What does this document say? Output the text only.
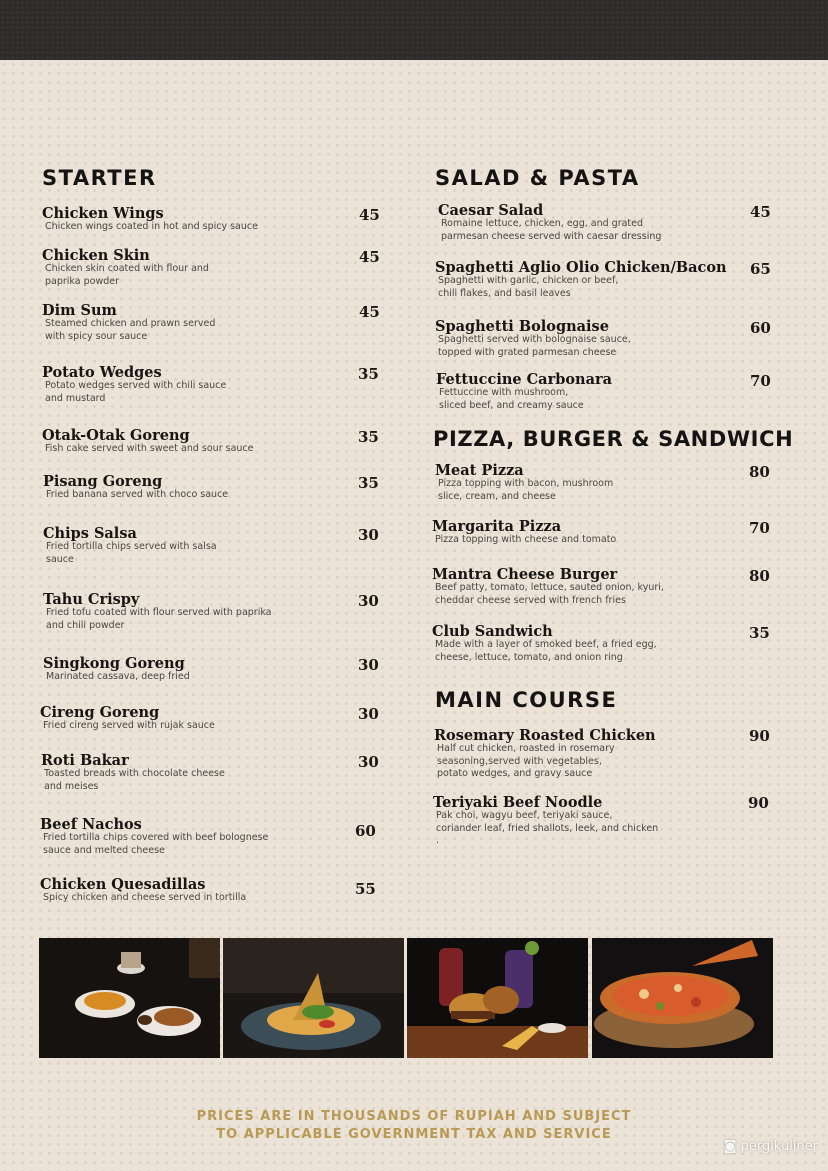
STARTER
Chicken Wings
Chicken wings coated in hot and spicy sauce
45
Chicken Skin
Chicken skin coated with flour and
paprika powder
45
Dim Sum
Steamed chicken and prawn served
with spicy sour sauce
45
Potato Wedges
Potato wedges served with chili sauce
and mustard
35
Otak-Otak Goreng
Fish cake served with sweet and sour sauce
35
Pisang Goreng
Fried banana served with choco sauce
35
Chips Salsa
Fried tortilla chips served with salsa
sauce
30
Tahu Crispy
Fried tofu coated with flour served with paprika
and chili powder
30
Singkong Goreng
Marinated cassava, deep fried
30
Cireng Goreng
Fried cireng served with rujak sauce
30
Roti Bakar
Toasted breads with chocolate cheese
and meises
30
Beef Nachos
Fried tortilla chips covered with beef bolognese
sauce and melted cheese
60
Chicken Quesadillas
Spicy chicken and cheese served in tortilla	55
SALAD & PASTA
Caesar Salad
Romaine lettuce, chicken, egg, and grated
parmesan cheese served with caesar dressing
45
Spaghetti Aglio Olio Chicken/Bacon
Spaghetti with garlic, chicken or beef,
chili flakes, and basil leaves
65
Spaghetti Bolognaise
Spaghetti served with bolognaise sauce,
topped with grated parmesan cheese
60
Fettuccine Carbonara
Fettuccine with mushroom,
sliced beef, and creamy sauce
70
PIZZA, BURGER & SANDWICH
Meat Pizza
Pizza topping with bacon, mushroom
slice, cream, and cheese
80
Margarita Pizza
Pizza topping with cheese and tomato
70
Mantra Cheese Burger
Beef patty, tomato, lettuce, sauted onion, kyuri,
cheddar cheese served with french fries
80
Club Sandwich
Made with a layer of smoked beef, a fried egg,
cheese, lettuce, tomato, and onion ring
35
MAIN COURSE
Rosemary Roasted Chicken
Half cut chicken, roasted in rosemary
seasoning,served with vegetables,
potato wedges, and gravy sauce
90
Teriyaki Beef Noodle
Pak choi, wagyu beef, teriyaki sauce,
coriander leaf, fried shallots, leek, and chicken
.
90

PRICES ARE IN THOUSANDS OF RUPIAH AND SUBJECT

TO APPLICABLE GOVERNMENT TAX AND SERVICE

◙ pergikuliner
